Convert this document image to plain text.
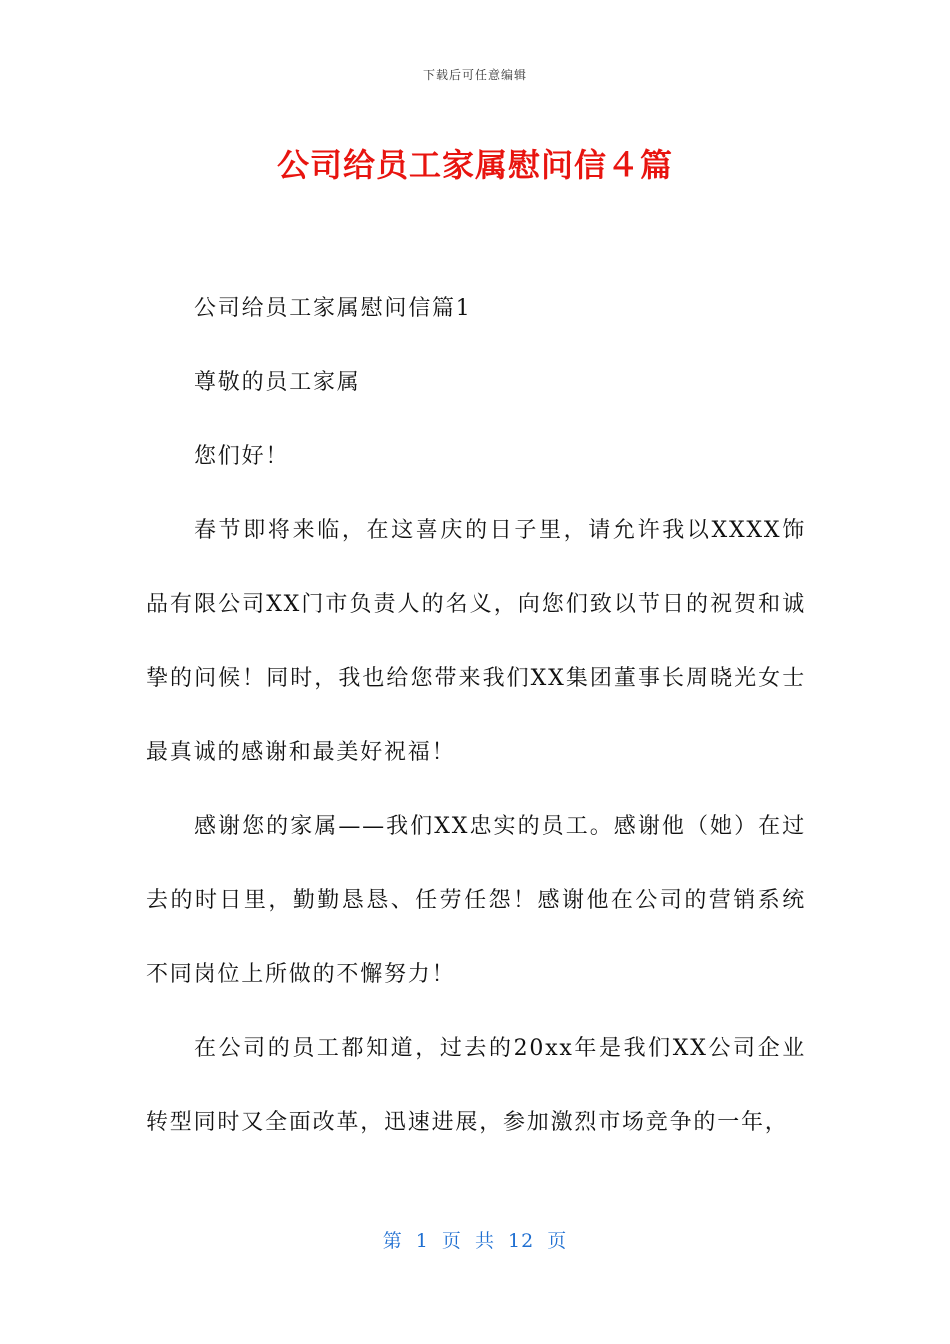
下载后可任意编辑
公司给员工家属慰问信４篇

公司给员工家属慰问信篇1

尊敬的员工家属

您们好！

春节即将来临，在这喜庆的日子里，请允许我以XXXX饰品有限公司XX门市负责人的名义，向您们致以节日的祝贺和诚挚的问候！同时，我也给您带来我们XX集团董事长周晓光女士最真诚的感谢和最美好祝福！

感谢您的家属——我们XX忠实的员工。感谢他（她）在过去的时日里，勤勤恳恳、任劳任怨！感谢他在公司的营销系统不同岗位上所做的不懈努力！

在公司的员工都知道，过去的20xx年是我们XX公司企业转型同时又全面改革，迅速进展，参加激烈市场竞争的一年，

第 1 页 共 12 页
